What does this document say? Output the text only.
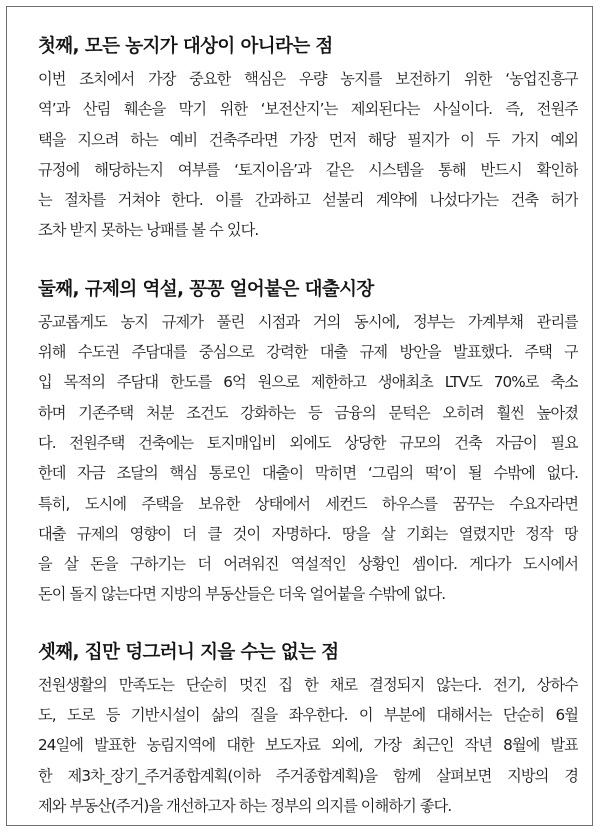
첫째, 모든 농지가 대상이 아니라는 점
이번 조치에서 가장 중요한 핵심은 우량 농지를 보전하기 위한 ‘농업진흥구
역’과 산림 훼손을 막기 위한 ‘보전산지’는 제외된다는 사실이다. 즉, 전원주
택을 지으려 하는 예비 건축주라면 가장 먼저 해당 필지가 이 두 가지 예외
규정에 해당하는지 여부를 ‘토지이음’과 같은 시스템을 통해 반드시 확인하
는 절차를 거쳐야 한다. 이를 간과하고 섣불리 계약에 나섰다가는 건축 허가
조차 받지 못하는 낭패를 볼 수 있다.
둘째, 규제의 역설, 꽁꽁 얼어붙은 대출시장
공교롭게도 농지 규제가 풀린 시점과 거의 동시에, 정부는 가계부채 관리를
위해 수도권 주담대를 중심으로 강력한 대출 규제 방안을 발표했다. 주택 구
입 목적의 주담대 한도를 6억 원으로 제한하고 생애최초 LTV도 70%로 축소
하며 기존주택 처분 조건도 강화하는 등 금융의 문턱은 오히려 훨씬 높아졌
다. 전원주택 건축에는 토지매입비 외에도 상당한 규모의 건축 자금이 필요
한데 자금 조달의 핵심 통로인 대출이 막히면 ‘그림의 떡’이 될 수밖에 없다.
특히, 도시에 주택을 보유한 상태에서 세컨드 하우스를 꿈꾸는 수요자라면
대출 규제의 영향이 더 클 것이 자명하다. 땅을 살 기회는 열렸지만 정작 땅
을 살 돈을 구하기는 더 어려워진 역설적인 상황인 셈이다. 게다가 도시에서
돈이 돌지 않는다면 지방의 부동산들은 더욱 얼어붙을 수밖에 없다.
셋째, 집만 덩그러니 지을 수는 없는 점
전원생활의 만족도는 단순히 멋진 집 한 채로 결정되지 않는다. 전기, 상하수
도, 도로 등 기반시설이 삶의 질을 좌우한다. 이 부분에 대해서는 단순히 6월
24일에 발표한 농림지역에 대한 보도자료 외에, 가장 최근인 작년 8월에 발표
한 제3차_장기_주거종합계획(이하 주거종합계획)을 함께 살펴보면 지방의 경
제와 부동산(주거)을 개선하고자 하는 정부의 의지를 이해하기 좋다.
